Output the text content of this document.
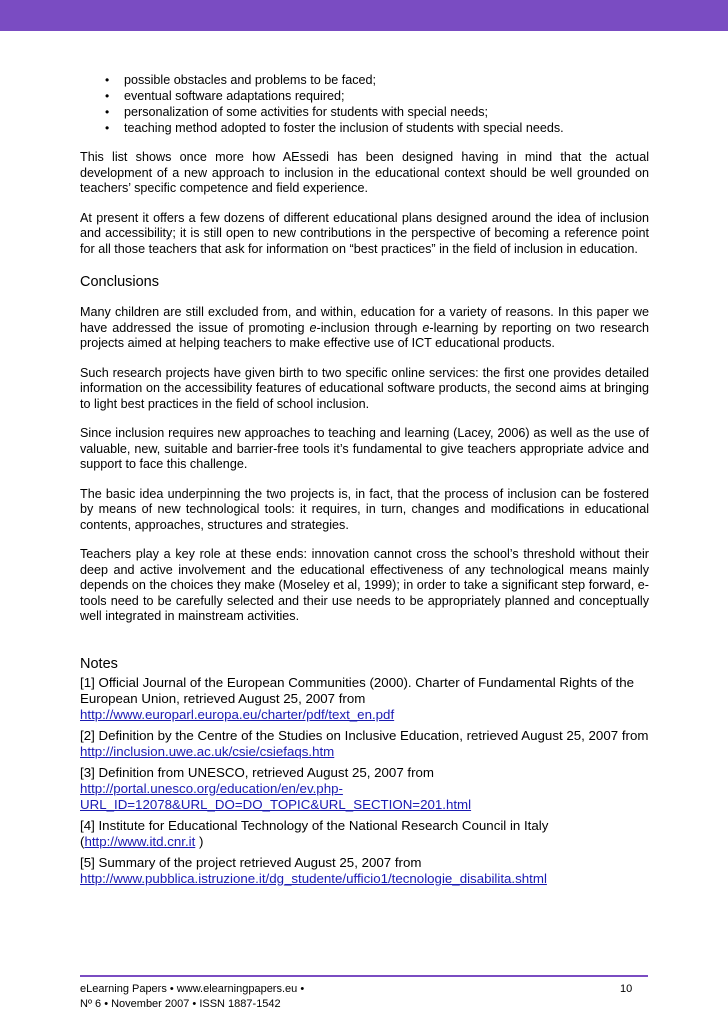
• possible obstacles and problems to be faced;
• eventual software adaptations required;
• personalization of some activities for students with special needs;
• teaching method adopted to foster the inclusion of students with special needs.

This list shows once more how AEssedi has been designed having in mind that the actual development of a new approach to inclusion in the educational context should be well grounded on teachers’ specific competence and field experience.

At present it offers a few dozens of different educational plans designed around the idea of inclusion and accessibility; it is still open to new contributions in the perspective of becoming a reference point for all those teachers that ask for information on “best practices” in the field of inclusion in education.

Conclusions

Many children are still excluded from, and within, education for a variety of reasons. In this paper we have addressed the issue of promoting e-inclusion through e-learning by reporting on two research projects aimed at helping teachers to make effective use of ICT educational products.

Such research projects have given birth to two specific online services: the first one provides detailed information on the accessibility features of educational software products, the second aims at bringing to light best practices in the field of school inclusion.

Since inclusion requires new approaches to teaching and learning (Lacey, 2006) as well as the use of valuable, new, suitable and barrier-free tools it’s fundamental to give teachers appropriate advice and support to face this challenge.

The basic idea underpinning the two projects is, in fact, that the process of inclusion can be fostered by means of new technological tools: it requires, in turn, changes and modifications in educational contents, approaches, structures and strategies.

Teachers play a key role at these ends: innovation cannot cross the school’s threshold without their deep and active involvement and the educational effectiveness of any technological means mainly depends on the choices they make (Moseley et al, 1999); in order to take a significant step forward, e-tools need to be carefully selected and their use needs to be appropriately planned and conceptually well integrated in mainstream activities.

Notes
[1] Official Journal of the European Communities (2000). Charter of Fundamental Rights of the European Union, retrieved August 25, 2007 from
http://www.europarl.europa.eu/charter/pdf/text_en.pdf
[2] Definition by the Centre of the Studies on Inclusive Education, retrieved August 25, 2007 from http://inclusion.uwe.ac.uk/csie/csiefaqs.htm
[3] Definition from UNESCO, retrieved August 25, 2007 from
http://portal.unesco.org/education/en/ev.php-
URL_ID=12078&URL_DO=DO_TOPIC&URL_SECTION=201.html
[4] Institute for Educational Technology of the National Research Council in Italy
(http://www.itd.cnr.it )
[5] Summary of the project retrieved August 25, 2007 from
http://www.pubblica.istruzione.it/dg_studente/ufficio1/tecnologie_disabilita.shtml
eLearning Papers • www.elearningpapers.eu •
Nº 6 • November 2007 • ISSN 1887-1542
10
